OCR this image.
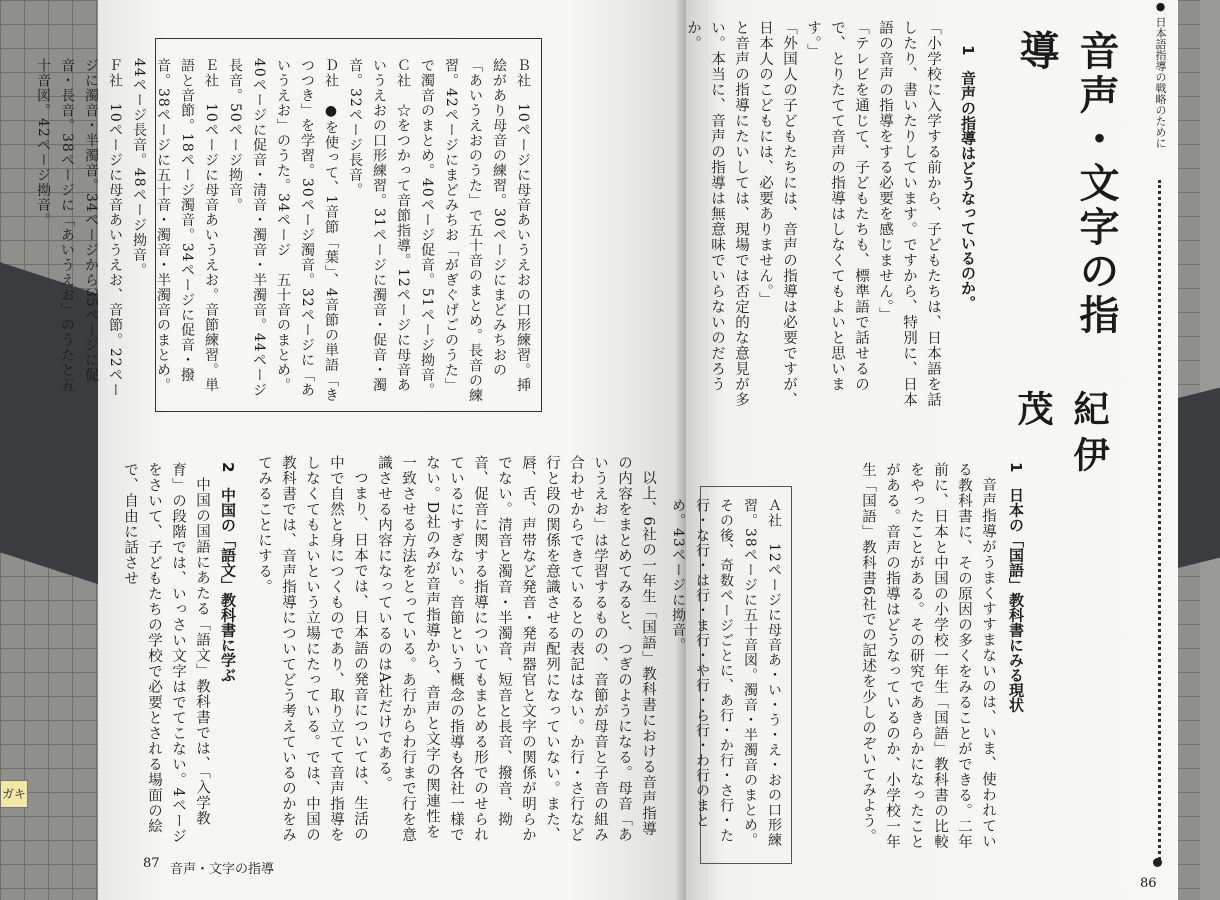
ガキ

Ｂ社　10ページに母音あいうえおの口形練習。挿絵があり母音の練習。30ページにまどみちおの「あいうえおのうた」で五十音のまとめ。長音の練習。42ページにまどみちお「がぎぐげごのうた」で濁音のまとめ。40ページ促音。51ページ拗音。

Ｃ社　☆をつかって音節指導。12ページに母音あいうえおの口形練習。31ページに濁音・促音・濁音。32ページ長音。

Ｄ社　●を使って、1音節「葉」、4音節の単語「きつつき」を学習。30ページ濁音。32ページに「あいうえお」のうた。34ページ　五十音のまとめ。40ページに促音・清音・濁音・半濁音。44ページ長音。50ページ拗音。

Ｅ社　10ページに母音あいうえお。音節練習。単語と音節。18ページ濁音。34ページに促音・撥音。38ページに五十音・濁音・半濁音のまとめ。44ページ長音。48ページ拗音。

Ｆ社　10ページに母音あいうえお、音節。22ページに濁音・半濁音。34ページから35ページに促音・長音。38ページに「あいうえお」のうたと五十音図。42ページ拗音。

以上、6社の一年生「国語」教科書における音声指導の内容をまとめてみると、つぎのようになる。母音「あいうえお」は学習するものの、音節が母音と子音の組み合わせからできているとの表記はない。か行・さ行など行と段の関係を意識させる配列になっていない。また、唇、舌、声帯など発音・発声器官と文字の関係が明らかでない。清音と濁音・半濁音、短音と長音、撥音、拗音、促音に関する指導についてもまとめる形でのせられているにすぎない。音節という概念の指導も各社一様でない。D社のみが音声指導から、音声と文字の関連性を一致させる方法をとっている。あ行からわ行まで行を意識させる内容になっているのはA社だけである。

つまり、日本では、日本語の発音については、生活の中で自然と身につくものであり、取り立てて音声指導をしなくてもよいという立場にたっている。では、中国の教科書では、音声指導についてどう考えているのかをみてみることにする。

2　中国の「語文」教科書に学ぶ

中国の国語にあたる「語文」教科書では、「入学教育」の段階では、いっさい文字はでてこない。4ページをさいて、子どもたちの学校で必要とされる場面の絵で、自由に話させ

87 音声・文字の指導
● 日本語指導の戦略のために
音声・文字の指導
紀伊 茂
1　音声の指導はどうなっているのか。

「小学校に入学する前から、子どもたちは、日本語を話したり、書いたりしています。ですから、特別に、日本語の音声の指導をする必要を感じません。」

「テレビを通じて、子どもたちも、標準語で話せるので、とりたてて音声の指導はしなくてもよいと思います。」

「外国人の子どもたちには、音声の指導は必要ですが、日本人のこどもには、必要ありません。」

と音声の指導にたいしては、現場では否定的な意見が多い。本当に、音声の指導は無意味でいらないのだろうか。

1　日本の「国語」教科書にみる現状

音声指導がうまくすすまないのは、いま、使われている教科書に、その原因の多くをみることができる。二年前に、日本と中国の小学校一年生「国語」教科書の比較をやったことがある。その研究であきらかになったことがある。音声の指導はどうなっているのか、小学校一年生「国語」教科書6社での記述を少しのぞいてみよう。

Ａ社　12ページに母音あ・い・う・え・おの口形練習。38ページに五十音図。濁音・半濁音のまとめ。その後、奇数ページごとに、あ行・か行・さ行・た行・な行・は行・ま行・や行・ら行・わ行のまとめ。43ページに拗音。
86
